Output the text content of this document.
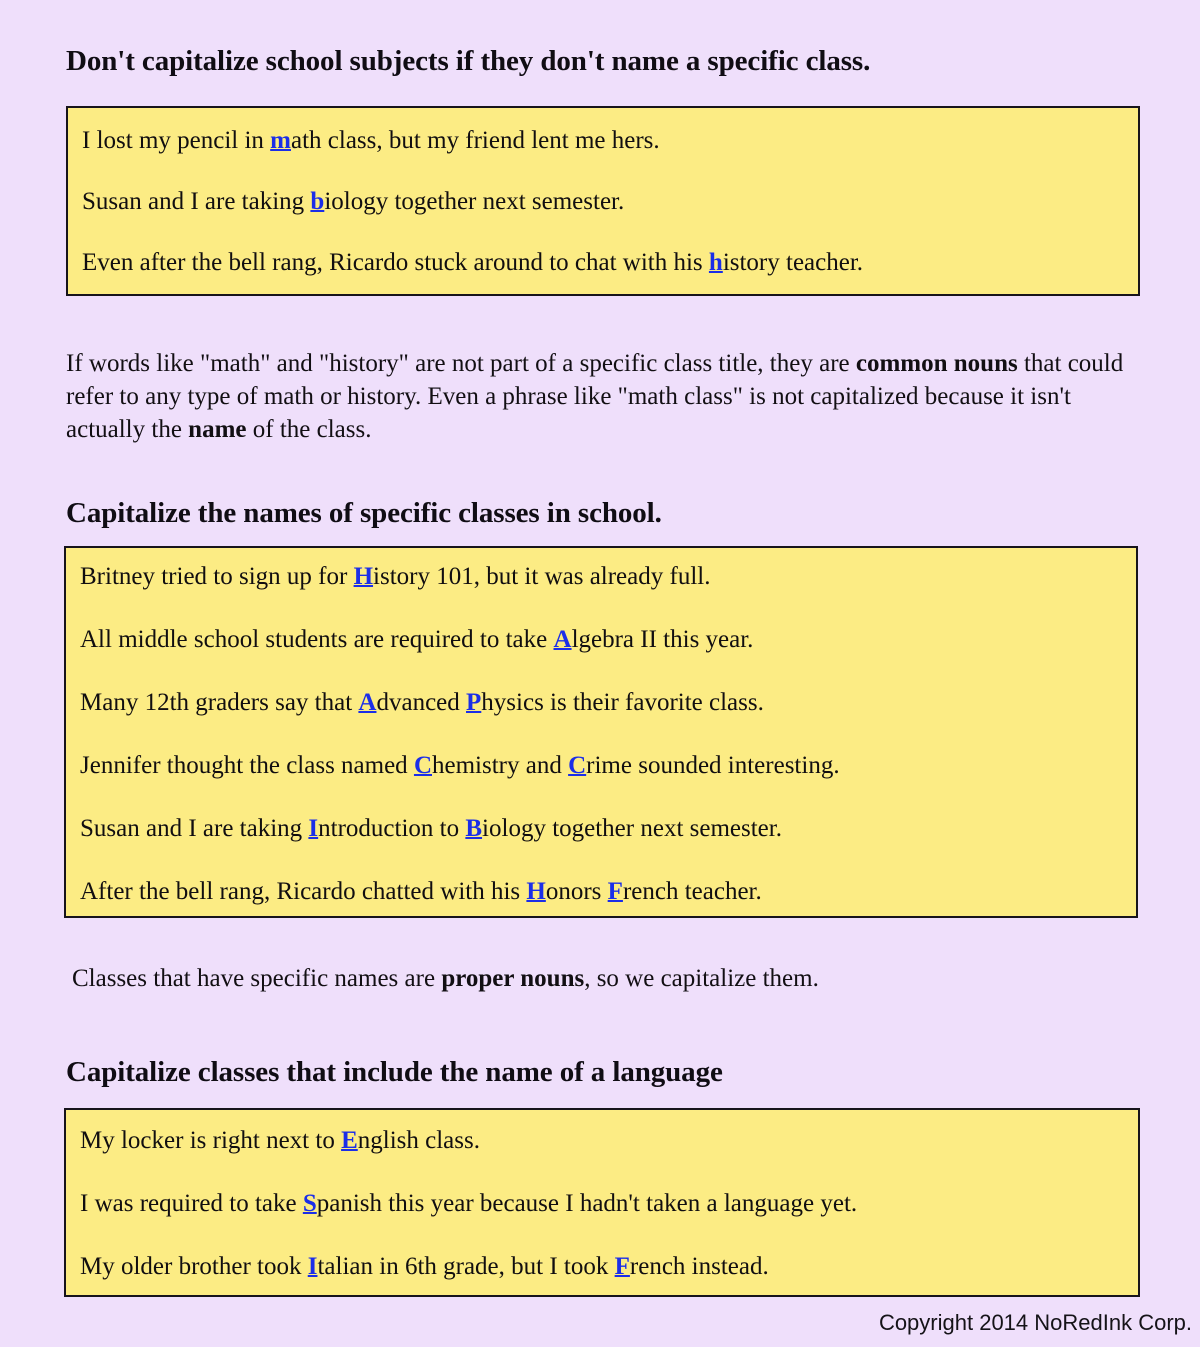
Don't capitalize school subjects if they don't name a specific class.
I lost my pencil in math class, but my friend lent me hers.
Susan and I are taking biology together next semester.
Even after the bell rang, Ricardo stuck around to chat with his history teacher.

If words like "math" and "history" are not part of a specific class title, they are common nouns that could refer to any type of math or history. Even a phrase like "math class" is not capitalized because it isn't actually the name of the class.

Capitalize the names of specific classes in school.
Britney tried to sign up for History 101, but it was already full.
All middle school students are required to take Algebra II this year.
Many 12th graders say that Advanced Physics is their favorite class.
Jennifer thought the class named Chemistry and Crime sounded interesting.
Susan and I are taking Introduction to Biology together next semester.
After the bell rang, Ricardo chatted with his Honors French teacher.

Classes that have specific names are proper nouns, so we capitalize them.

Capitalize classes that include the name of a language
My locker is right next to English class.
I was required to take Spanish this year because I hadn't taken a language yet.
My older brother took Italian in 6th grade, but I took French instead.
Copyright 2014 NoRedInk Corp.
